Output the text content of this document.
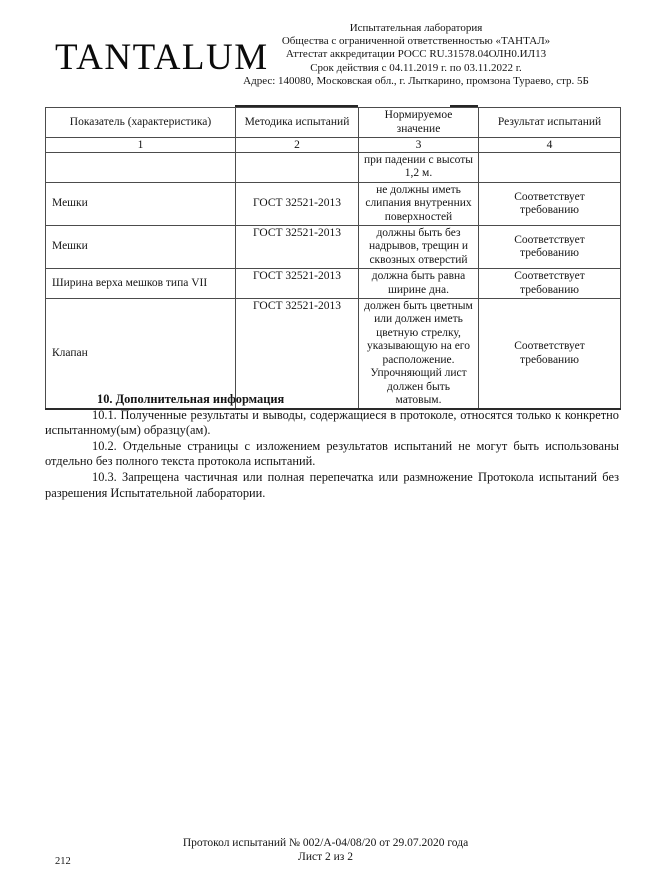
TANTALUM
Испытательная лаборатория
Общества с ограниченной ответственностью «ТАНТАЛ»
Аттестат аккредитации РОСС RU.31578.04ОЛН0.ИЛ13
Срок действия с 04.11.2019 г. по 03.11.2022 г.
Адрес: 140080, Московская обл., г. Лыткарино, промзона Тураево, стр. 5Б
Показатель (характеристика)	Методика испытаний	Нормируемое значение	Результат испытаний
1	2	3	4
		при падении с высоты 1,2 м.	
Мешки	ГОСТ 32521-2013	не должны иметь слипания внутренних поверхностей	Соответствует требованию
Мешки	ГОСТ 32521-2013	должны быть без надрывов, трещин и сквозных отверстий	Соответствует требованию
Ширина верха мешков типа VII	ГОСТ 32521-2013	должна быть равна ширине дна.	Соответствует требованию
Клапан	ГОСТ 32521-2013	должен быть цветным или должен иметь цветную стрелку, указывающую на его расположение. Упрочняющий лист должен быть матовым.	Соответствует требованию
10. Дополнительная информация

10.1. Полученные результаты и выводы, содержащиеся в протоколе, относятся только к конкретно испытанному(ым) образцу(ам).

10.2. Отдельные страницы с изложением результатов испытаний не могут быть использованы отдельно без полного текста протокола испытаний.

10.3. Запрещена частичная или полная перепечатка или размножение Протокола испытаний без разрешения Испытательной лаборатории.

Протокол испытаний № 002/А-04/08/20 от 29.07.2020 года
Лист 2 из 2
212
